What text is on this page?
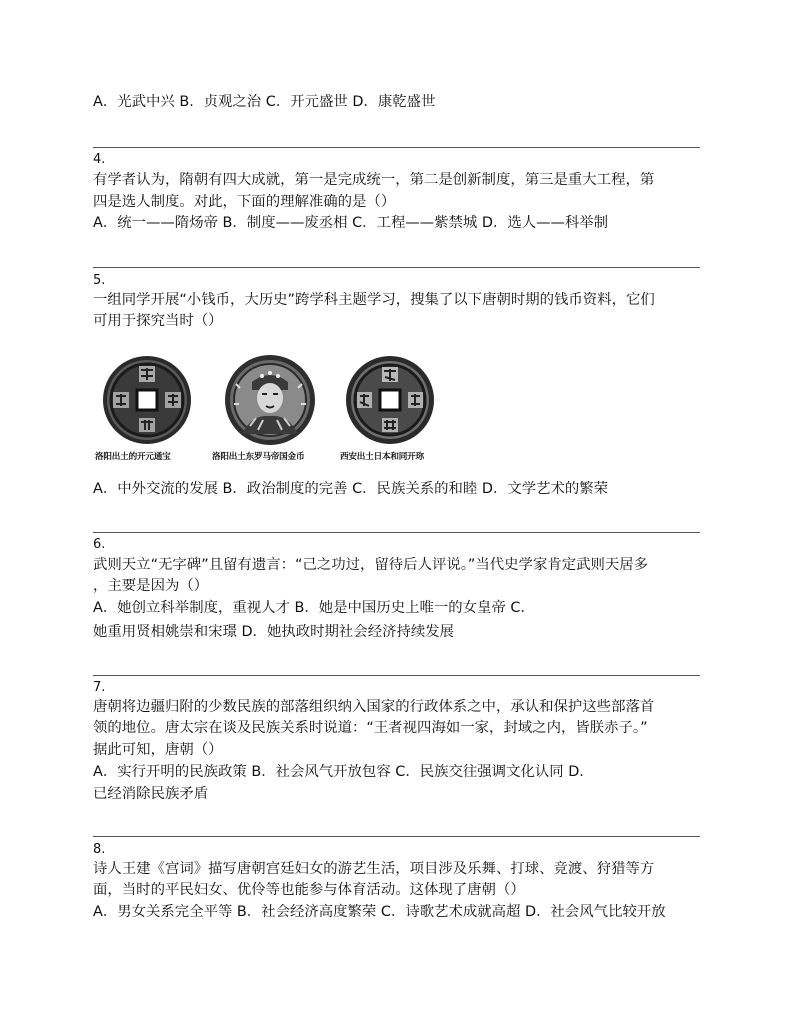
A．光武中兴 B．贞观之治 C．开元盛世 D．康乾盛世
4.
有学者认为，隋朝有四大成就，第一是完成统一，第二是创新制度，第三是重大工程，第
四是选人制度。对此，下面的理解准确的是（）
A．统一——隋炀帝 B．制度——废丞相 C．工程——紫禁城 D．选人——科举制
5.
一组同学开展“小钱币，大历史”跨学科主题学习，搜集了以下唐朝时期的钱币资料，它们
可用于探究当时（）
洛阳出土的开元通宝	洛阳出土东罗马帝国金币	西安出土日本和同开珎
A．中外交流的发展 B．政治制度的完善 C．民族关系的和睦 D．文学艺术的繁荣
6.
武则天立“无字碑”且留有遗言：“己之功过，留待后人评说。”当代史学家肯定武则天居多
，主要是因为（）
A．她创立科举制度，重视人才 B．她是中国历史上唯一的女皇帝 C．
她重用贤相姚崇和宋璟 D．她执政时期社会经济持续发展
7.
唐朝将边疆归附的少数民族的部落组织纳入国家的行政体系之中，承认和保护这些部落首
领的地位。唐太宗在谈及民族关系时说道：“王者视四海如一家，封域之内，皆朕赤子。”
据此可知，唐朝（）
A．实行开明的民族政策 B．社会风气开放包容 C．民族交往强调文化认同 D．
已经消除民族矛盾
8.
诗人王建《宫词》描写唐朝宫廷妇女的游艺生活，项目涉及乐舞、打球、竞渡、狩猎等方
面，当时的平民妇女、优伶等也能参与体育活动。这体现了唐朝（）
A．男女关系完全平等 B．社会经济高度繁荣 C．诗歌艺术成就高超 D．社会风气比较开放
